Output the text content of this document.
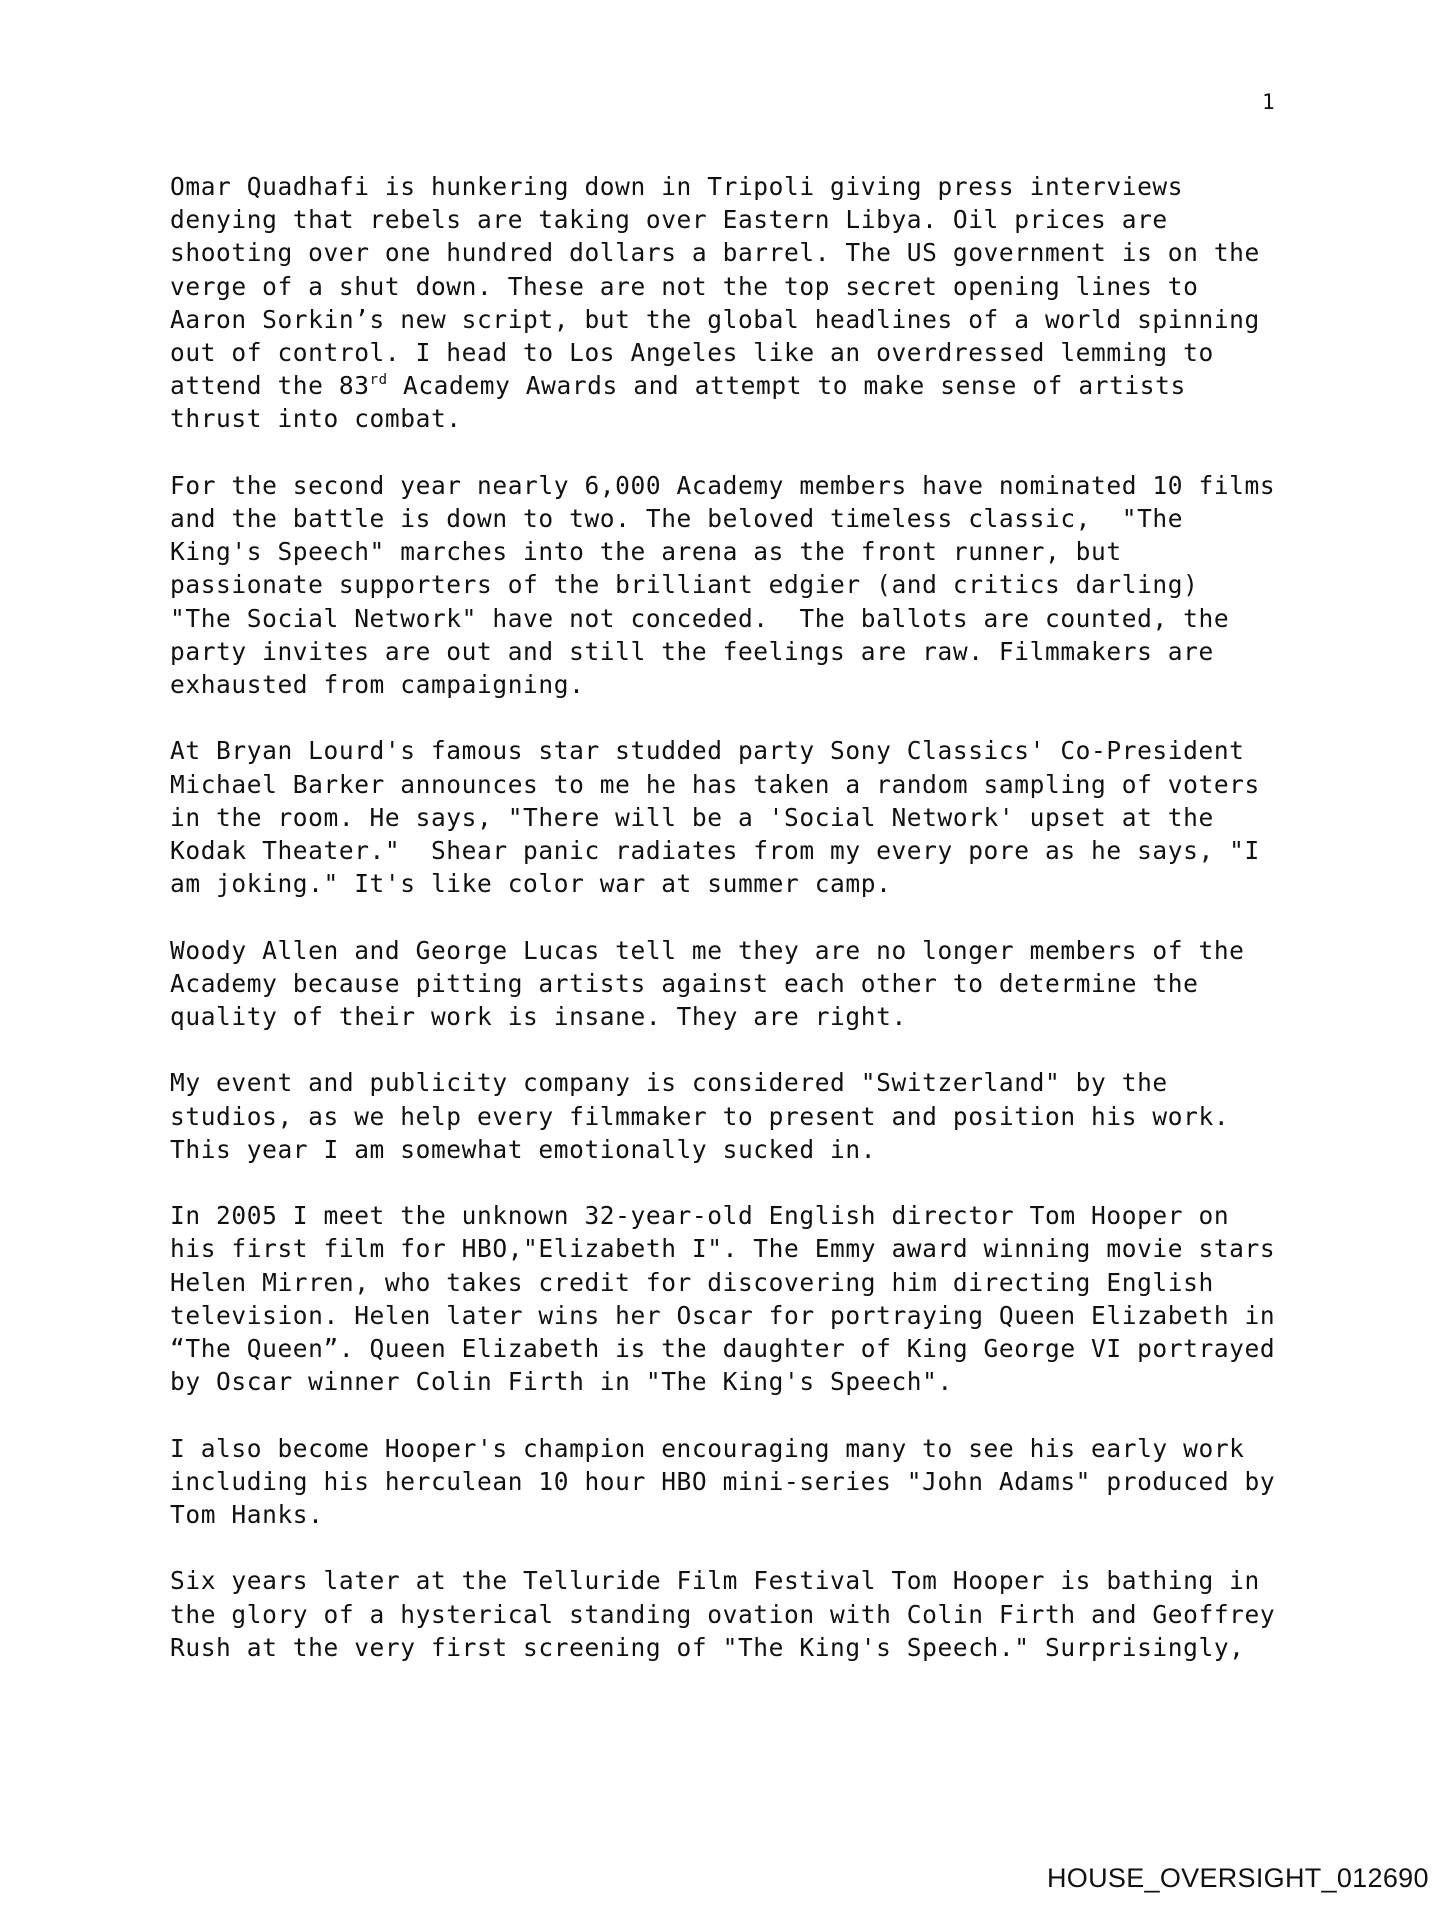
1
Omar Quadhafi is hunkering down in Tripoli giving press interviews
denying that rebels are taking over Eastern Libya. Oil prices are
shooting over one hundred dollars a barrel. The US government is on the
verge of a shut down. These are not the top secret opening lines to
Aaron Sorkin’s new script, but the global headlines of a world spinning
out of control. I head to Los Angeles like an overdressed lemming to
attend the 83rd Academy Awards and attempt to make sense of artists
thrust into combat.
For the second year nearly 6,000 Academy members have nominated 10 films
and the battle is down to two. The beloved timeless classic,  "The
King's Speech" marches into the arena as the front runner, but
passionate supporters of the brilliant edgier (and critics darling)
"The Social Network" have not conceded.  The ballots are counted, the
party invites are out and still the feelings are raw. Filmmakers are
exhausted from campaigning.
At Bryan Lourd's famous star studded party Sony Classics' Co-President
Michael Barker announces to me he has taken a random sampling of voters
in the room. He says, "There will be a 'Social Network' upset at the
Kodak Theater."  Shear panic radiates from my every pore as he says, "I
am joking." It's like color war at summer camp.
Woody Allen and George Lucas tell me they are no longer members of the
Academy because pitting artists against each other to determine the
quality of their work is insane. They are right.
My event and publicity company is considered "Switzerland" by the
studios, as we help every filmmaker to present and position his work.
This year I am somewhat emotionally sucked in.
In 2005 I meet the unknown 32-year-old English director Tom Hooper on
his first film for HBO,"Elizabeth I". The Emmy award winning movie stars
Helen Mirren, who takes credit for discovering him directing English
television. Helen later wins her Oscar for portraying Queen Elizabeth in
“The Queen”. Queen Elizabeth is the daughter of King George VI portrayed
by Oscar winner Colin Firth in "The King's Speech".
I also become Hooper's champion encouraging many to see his early work
including his herculean 10 hour HBO mini-series "John Adams" produced by
Tom Hanks.
Six years later at the Telluride Film Festival Tom Hooper is bathing in
the glory of a hysterical standing ovation with Colin Firth and Geoffrey
Rush at the very first screening of "The King's Speech." Surprisingly,
HOUSE_OVERSIGHT_012690
